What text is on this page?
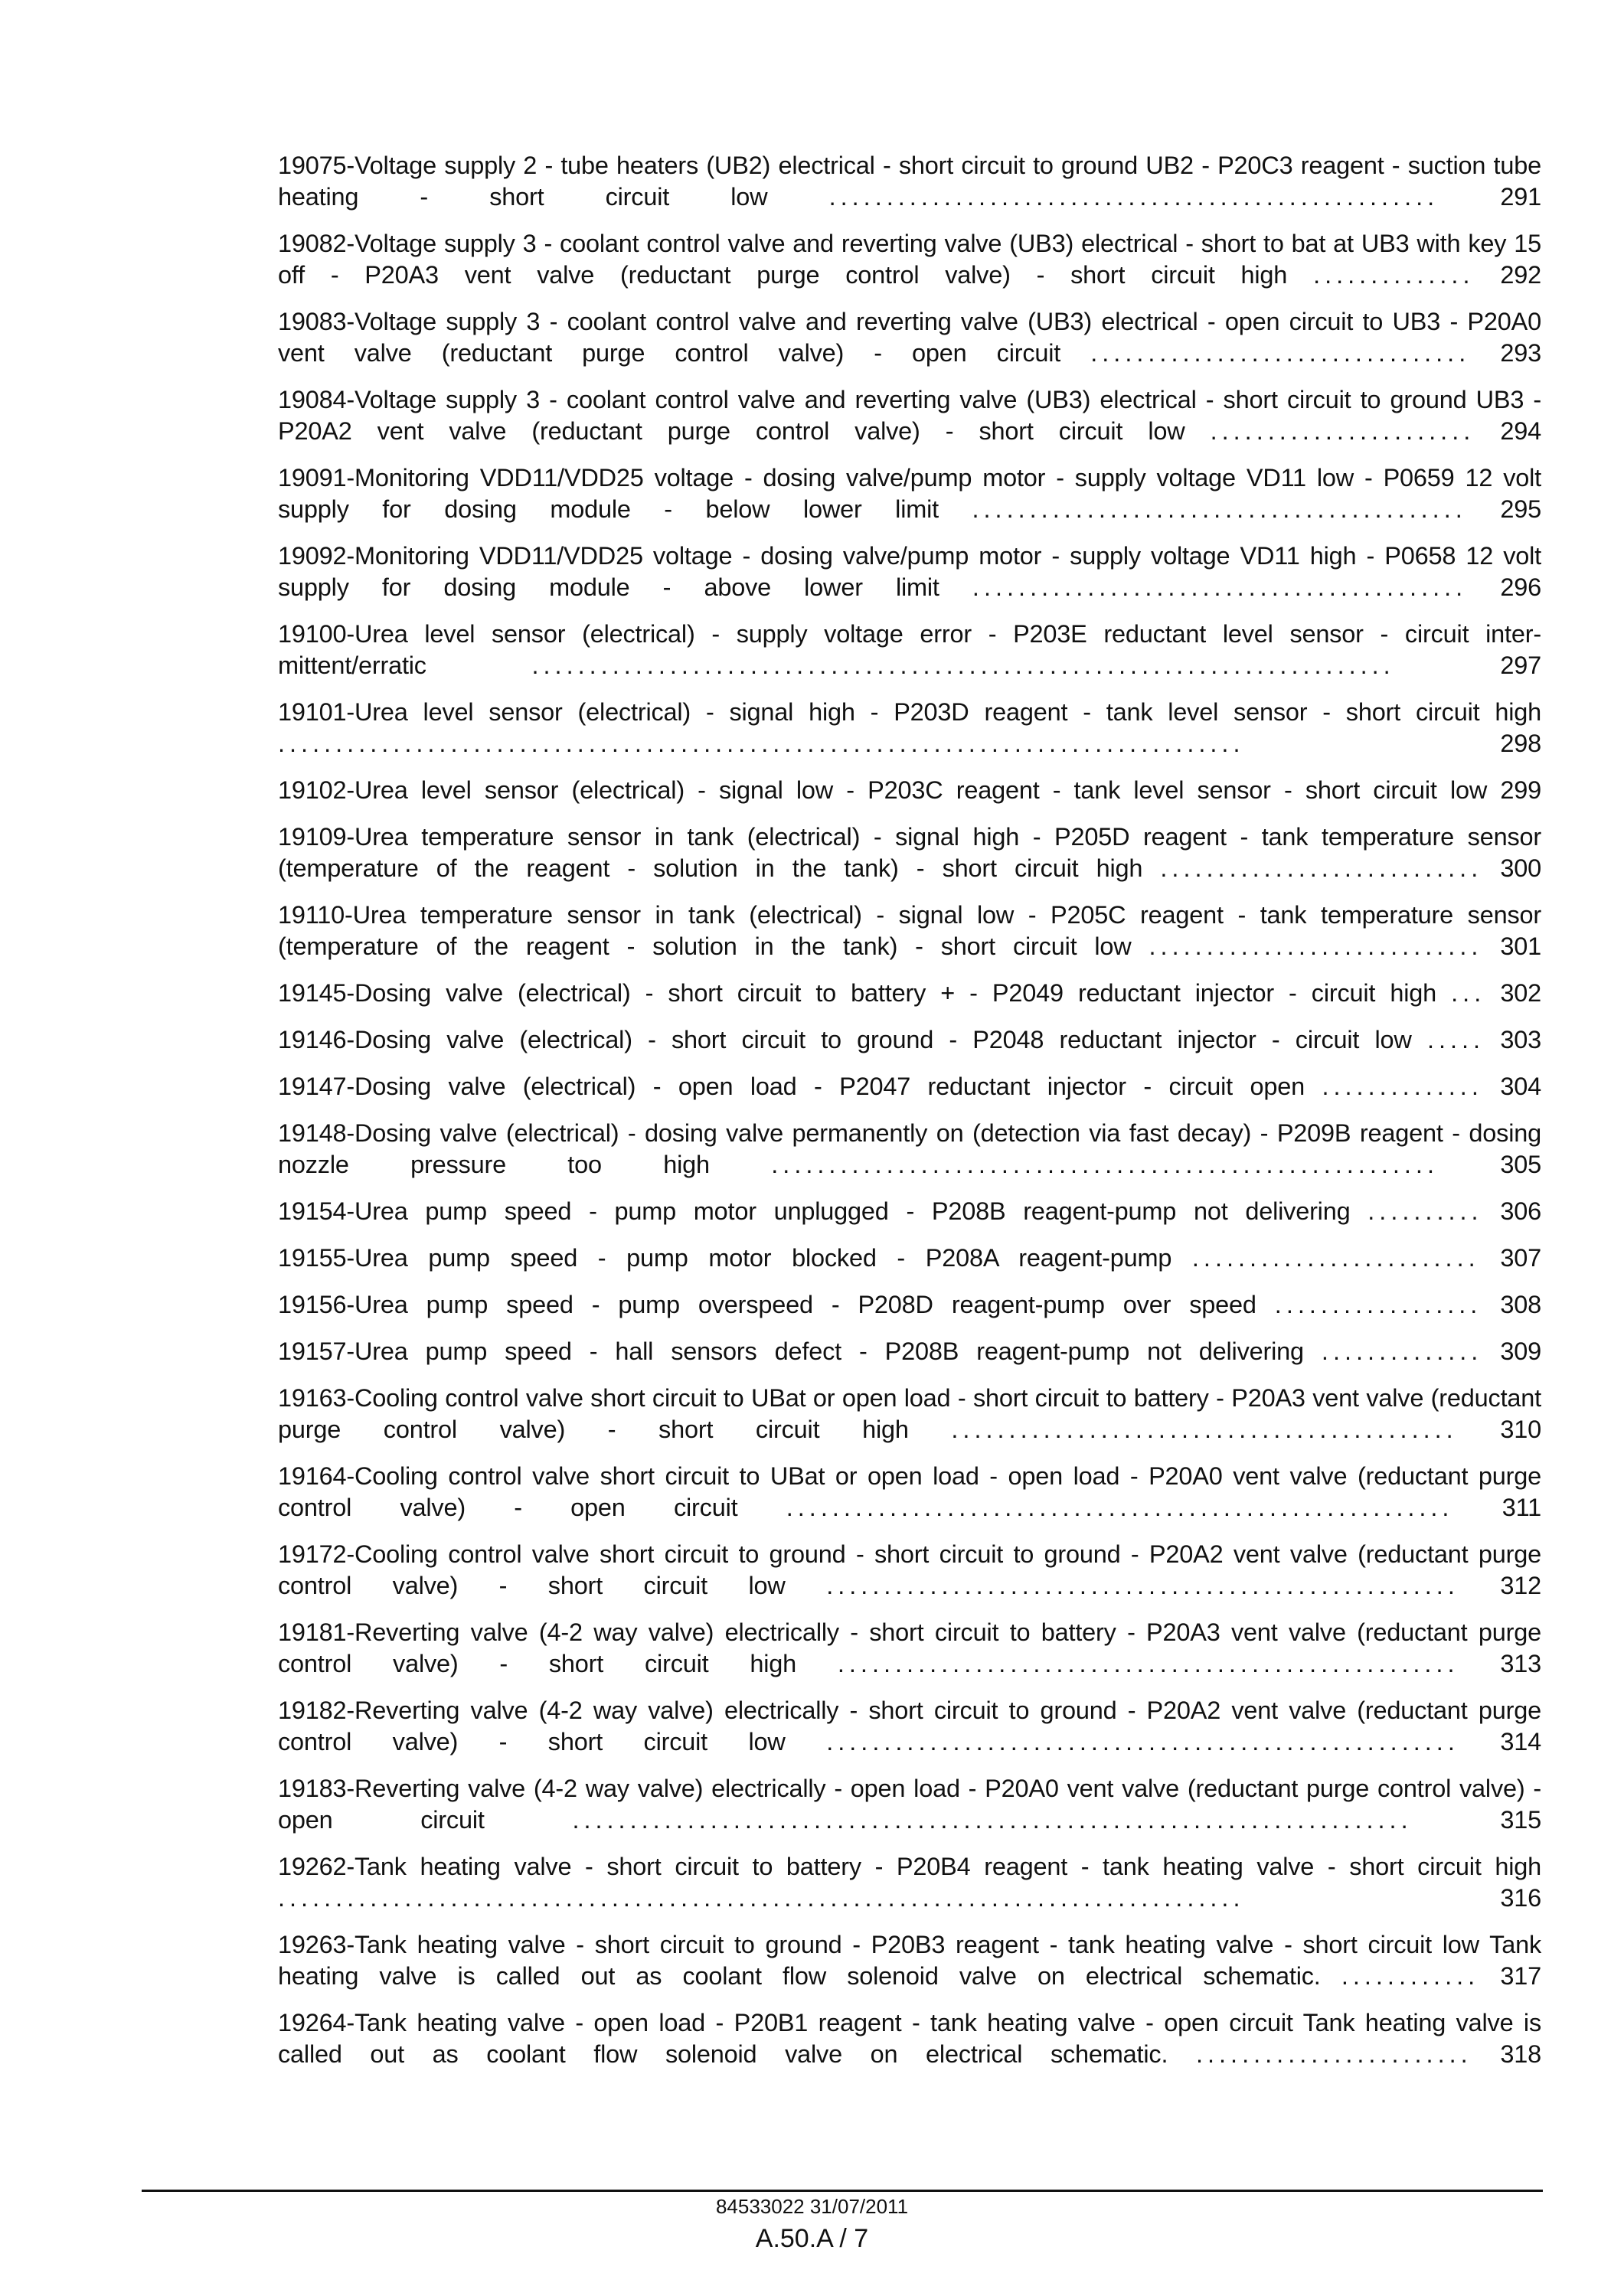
19075-Voltage supply 2 - tube heaters (UB2) electrical - short circuit to ground UB2 - P20C3 reagent - suction tube heating - short circuit low ..................................................... 291
19082-Voltage supply 3 - coolant control valve and reverting valve (UB3) electrical - short to bat at UB3 with key 15 off - P20A3 vent valve (reductant purge control valve) - short circuit high .............. 292
19083-Voltage supply 3 - coolant control valve and reverting valve (UB3) electrical - open circuit to UB3 - P20A0 vent valve (reductant purge control valve) - open circuit ................................. 293
19084-Voltage supply 3 - coolant control valve and reverting valve (UB3) electrical - short circuit to ground UB3 - P20A2 vent valve (reductant purge control valve) - short circuit low ....................... 294
19091-Monitoring VDD11/VDD25 voltage - dosing valve/pump motor - supply voltage VD11 low - P0659 12 volt supply for dosing module - below lower limit ........................................... 295
19092-Monitoring VDD11/VDD25 voltage - dosing valve/pump motor - supply voltage VD11 high - P0658 12 volt supply for dosing module - above lower limit ........................................... 296
19100-Urea level sensor (electrical) - supply voltage error - P203E reductant level sensor - circuit inter-mittent/erratic	...........................................................................	297
19101-Urea level sensor (electrical) - signal high - P203D reagent - tank level sensor - short circuit high ....................................................................................	298
19102-Urea level sensor (electrical) - signal low - P203C reagent - tank level sensor - short circuit low 299
19109-Urea temperature sensor in tank (electrical) - signal high - P205D reagent - tank temperature sensor (temperature of the reagent - solution in the tank) - short circuit high ............................ 300
19110-Urea temperature sensor in tank (electrical) - signal low - P205C reagent - tank temperature sensor (temperature of the reagent - solution in the tank) - short circuit low ............................. 301
19145-Dosing valve (electrical) - short circuit to battery + - P2049 reductant injector - circuit high ... 302
19146-Dosing valve (electrical) - short circuit to ground - P2048 reductant injector - circuit low ..... 303
19147-Dosing valve (electrical) - open load - P2047 reductant injector - circuit open .............. 304
19148-Dosing valve (electrical) - dosing valve permanently on (detection via fast decay) - P209B reagent - dosing nozzle pressure too high .......................................................... 305
19154-Urea pump speed - pump motor unplugged - P208B reagent-pump not delivering .......... 306
19155-Urea pump speed - pump motor blocked - P208A reagent-pump ......................... 307
19156-Urea pump speed - pump overspeed - P208D reagent-pump over speed .................. 308
19157-Urea pump speed - hall sensors defect - P208B reagent-pump not delivering .............. 309
19163-Cooling control valve short circuit to UBat or open load - short circuit to battery - P20A3 vent valve (reductant purge control valve) - short circuit high ............................................ 310
19164-Cooling control valve short circuit to UBat or open load - open load - P20A0 vent valve (reductant purge control valve) - open circuit .......................................................... 311
19172-Cooling control valve short circuit to ground - short circuit to ground - P20A2 vent valve (reductant purge control valve) - short circuit low ....................................................... 312
19181-Reverting valve (4-2 way valve) electrically - short circuit to battery - P20A3 vent valve (reductant purge control valve) - short circuit high ...................................................... 313
19182-Reverting valve (4-2 way valve) electrically - short circuit to ground - P20A2 vent valve (reductant purge control valve) - short circuit low ....................................................... 314
19183-Reverting valve (4-2 way valve) electrically - open load - P20A0 vent valve (reductant purge control valve) - open circuit	.........................................................................	315
19262-Tank heating valve - short circuit to battery - P20B4 reagent - tank heating valve - short circuit high ....................................................................................	316
19263-Tank heating valve - short circuit to ground - P20B3 reagent - tank heating valve - short circuit low Tank heating valve is called out as coolant flow solenoid valve on electrical schematic. ............ 317
19264-Tank heating valve - open load - P20B1 reagent - tank heating valve - open circuit Tank heating valve is called out as coolant flow solenoid valve on electrical schematic. ........................ 318
84533022 31/07/2011
A.50.A / 7
